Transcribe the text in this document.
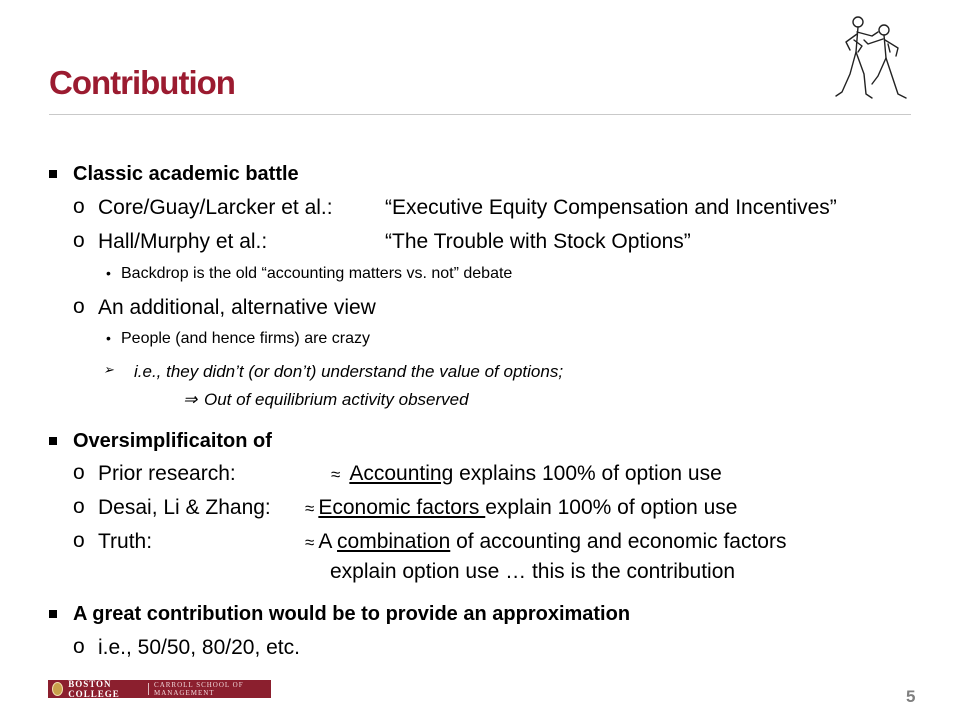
Contribution
Classic academic battle
o Core/Guay/Larcker et al.: “Executive Equity Compensation and Incentives”
o Hall/Murphy et al.:	“The Trouble with Stock Options”
• Backdrop is the old “accounting matters vs. not” debate
o An additional, alternative view
• People (and hence firms) are crazy
➢ i.e., they didn’t (or don’t) understand the value of options;
⇒ Out of equilibrium activity observed
Oversimplificaiton of
o Prior research:	≈ Accounting explains 100% of option use
o Desai, Li & Zhang: ≈ Economic factors explain 100% of option use
o Truth:	≈ A combination of accounting and economic factors
explain option use … this is the contribution
A great contribution would be to provide an approximation
o i.e., 50/50, 80/20, etc.
BOSTON COLLEGE
CARROLL SCHOOL OF MANAGEMENT	5
